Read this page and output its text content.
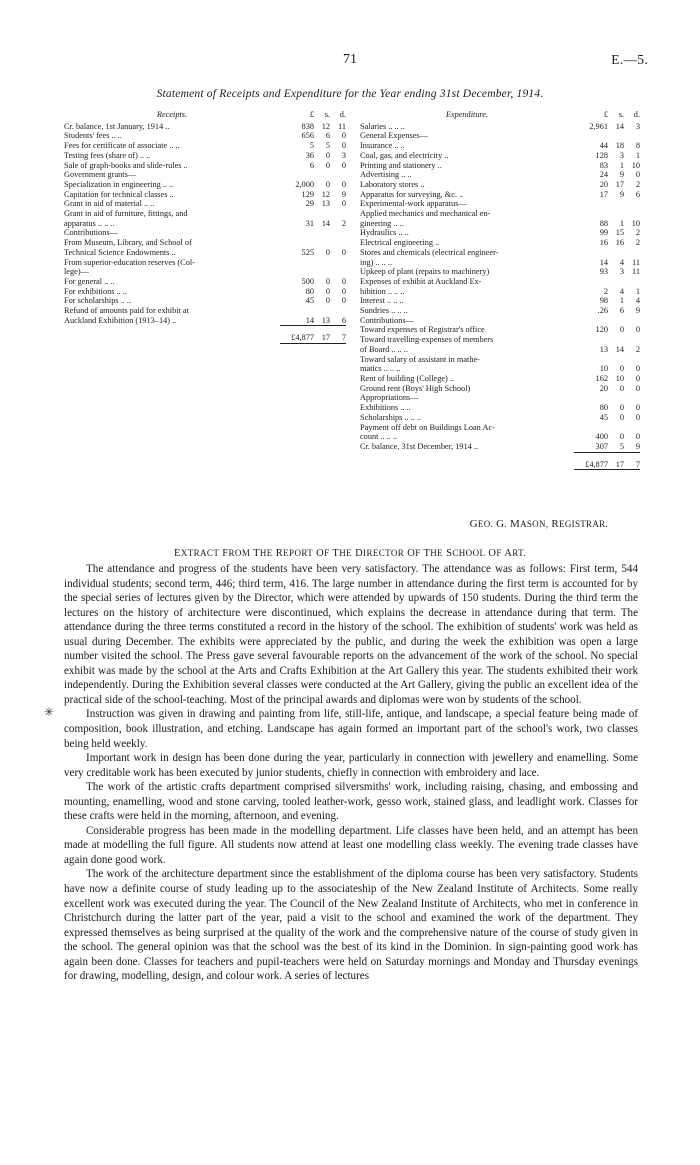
71	E.—5.
Statement of Receipts and Expenditure for the Year ending 31st December, 1914.
Receipts.	£	s.	d.
Cr. balance, 1st January, 1914 ..	838	12	11
Students' fees .. ..	656	6	0
Fees for certificate of associate .. ..	5	5	0
Testing fees (share of) .. ..	36	0	3
Sale of graph-books and slide-rules ..	6	0	0
Government grants—			
Specialization in engineering .. ..	2,000	0	0
Capitation for technical classes ..	129	12	9
Grant in aid of material .. ..	29	13	0
Grant in aid of furniture, fittings, and			
apparatus .. .. ..	31	14	2
Contributions—			
From Museum, Library, and School of			
Technical Science Endowments ..	525	0	0
From superior-education reserves (Col-			
lege)—			
For general .. ..	500	0	0
For exhibitions .. ..	80	0	0
For scholarships .. ..	45	0	0
Refund of amounts paid for exhibit at			
Auckland Exhibition (1913–14) ..	14	13	6
	£4,877	17	7
Expenditure.	£	s.	d.
Salaries .. .. ..	2,961	14	3
General Expenses—			
Insurance .. ..	44	18	8
Coal, gas, and electricity ..	128	3	1
Printing and stationery ..	83	1	10
Advertising .. ..	24	9	0
Laboratory stores ..	20	17	2
Apparatus for surveying, &c. ..	17	9	6
Experimental-work apparatus—			
Applied mechanics and mechanical en-			
gineering .. ..	88	1	10
Hydraulics .. ..	99	15	2
Electrical engineering ..	16	16	2
Stores and chemicals (electrical engineer-			
ing) .. .. ..	14	4	11
Upkeep of plant (repairs to machinery)	93	3	11
Expenses of exhibit at Auckland Ex-			
hibition .. .. ..	2	4	1
Interest .. .. ..	98	1	4
Sundries .. .. ..	.26	6	9
Contributions—			
Toward expenses of Registrar's office	120	0	0
Toward travelling-expenses of members			
of Board .. .. ..	13	14	2
Toward salary of assistant in mathe-			
matics .. .. ..	10	0	0
Rent of building (College) ..	162	10	0
Ground rent (Boys' High School)	20	0	0
Appropriations—			
Exhibitions .. ..	80	0	0
Scholarships .. .. ..	45	0	0
Payment off debt on Buildings Loan Ac-			
count .. .. ..	400	0	0
Cr. balance, 31st December, 1914 ..	307	5	9
	£4,877	17	7
GEO. G. MASON, REGISTRAR.
EXTRACT FROM THE REPORT OF THE DIRECTOR OF THE SCHOOL OF ART.
✳

The attendance and progress of the students have been very satisfactory. The attendance was as follows: First term, 544 individual students; second term, 446; third term, 416. The large number in attendance during the first term is accounted for by the special series of lectures given by the Director, which were attended by upwards of 150 students. During the third term the lectures on the history of architecture were discontinued, which explains the decrease in attendance during that term. The attendance during the three terms constituted a record in the history of the school. The exhibition of students' work was held as usual during December. The exhibits were appreciated by the public, and during the week the exhibition was open a large number visited the school. The Press gave several favourable reports on the advancement of the work of the school. No special exhibit was made by the school at the Arts and Crafts Exhibition at the Art Gallery this year. The students exhibited their work independently. During the Exhibition several classes were conducted at the Art Gallery, giving the public an excellent idea of the practical side of the school-teaching. Most of the principal awards and diplomas were won by students of the school.

Instruction was given in drawing and painting from life, still-life, antique, and landscape, a special feature being made of composition, book illustration, and etching. Landscape has again formed an important part of the school's work, two classes being held weekly.

Important work in design has been done during the year, particularly in connection with jewellery and enamelling. Some very creditable work has been executed by junior students, chiefly in connection with embroidery and lace.

The work of the artistic crafts department comprised silversmiths' work, including raising, chasing, and embossing and mounting, enamelling, wood and stone carving, tooled leather-work, gesso work, stained glass, and leadlight work. Classes for these crafts were held in the morning, afternoon, and evening.

Considerable progress has been made in the modelling department. Life classes have been held, and an attempt has been made at modelling the full figure. All students now attend at least one modelling class weekly. The evening trade classes have again done good work.

The work of the architecture department since the establishment of the diploma course has been very satisfactory. Students have now a definite course of study leading up to the associateship of the New Zealand Institute of Architects. Some really excellent work was executed during the year. The Council of the New Zealand Institute of Architects, who met in conference in Christchurch during the latter part of the year, paid a visit to the school and examined the work of the department. They expressed themselves as being surprised at the quality of the work and the comprehensive nature of the course of study given in the school. The general opinion was that the school was the best of its kind in the Dominion. In sign-painting good work has again been done. Classes for teachers and pupil-teachers were held on Saturday mornings and Monday and Thursday evenings for drawing, modelling, design, and colour work. A series of lectures
